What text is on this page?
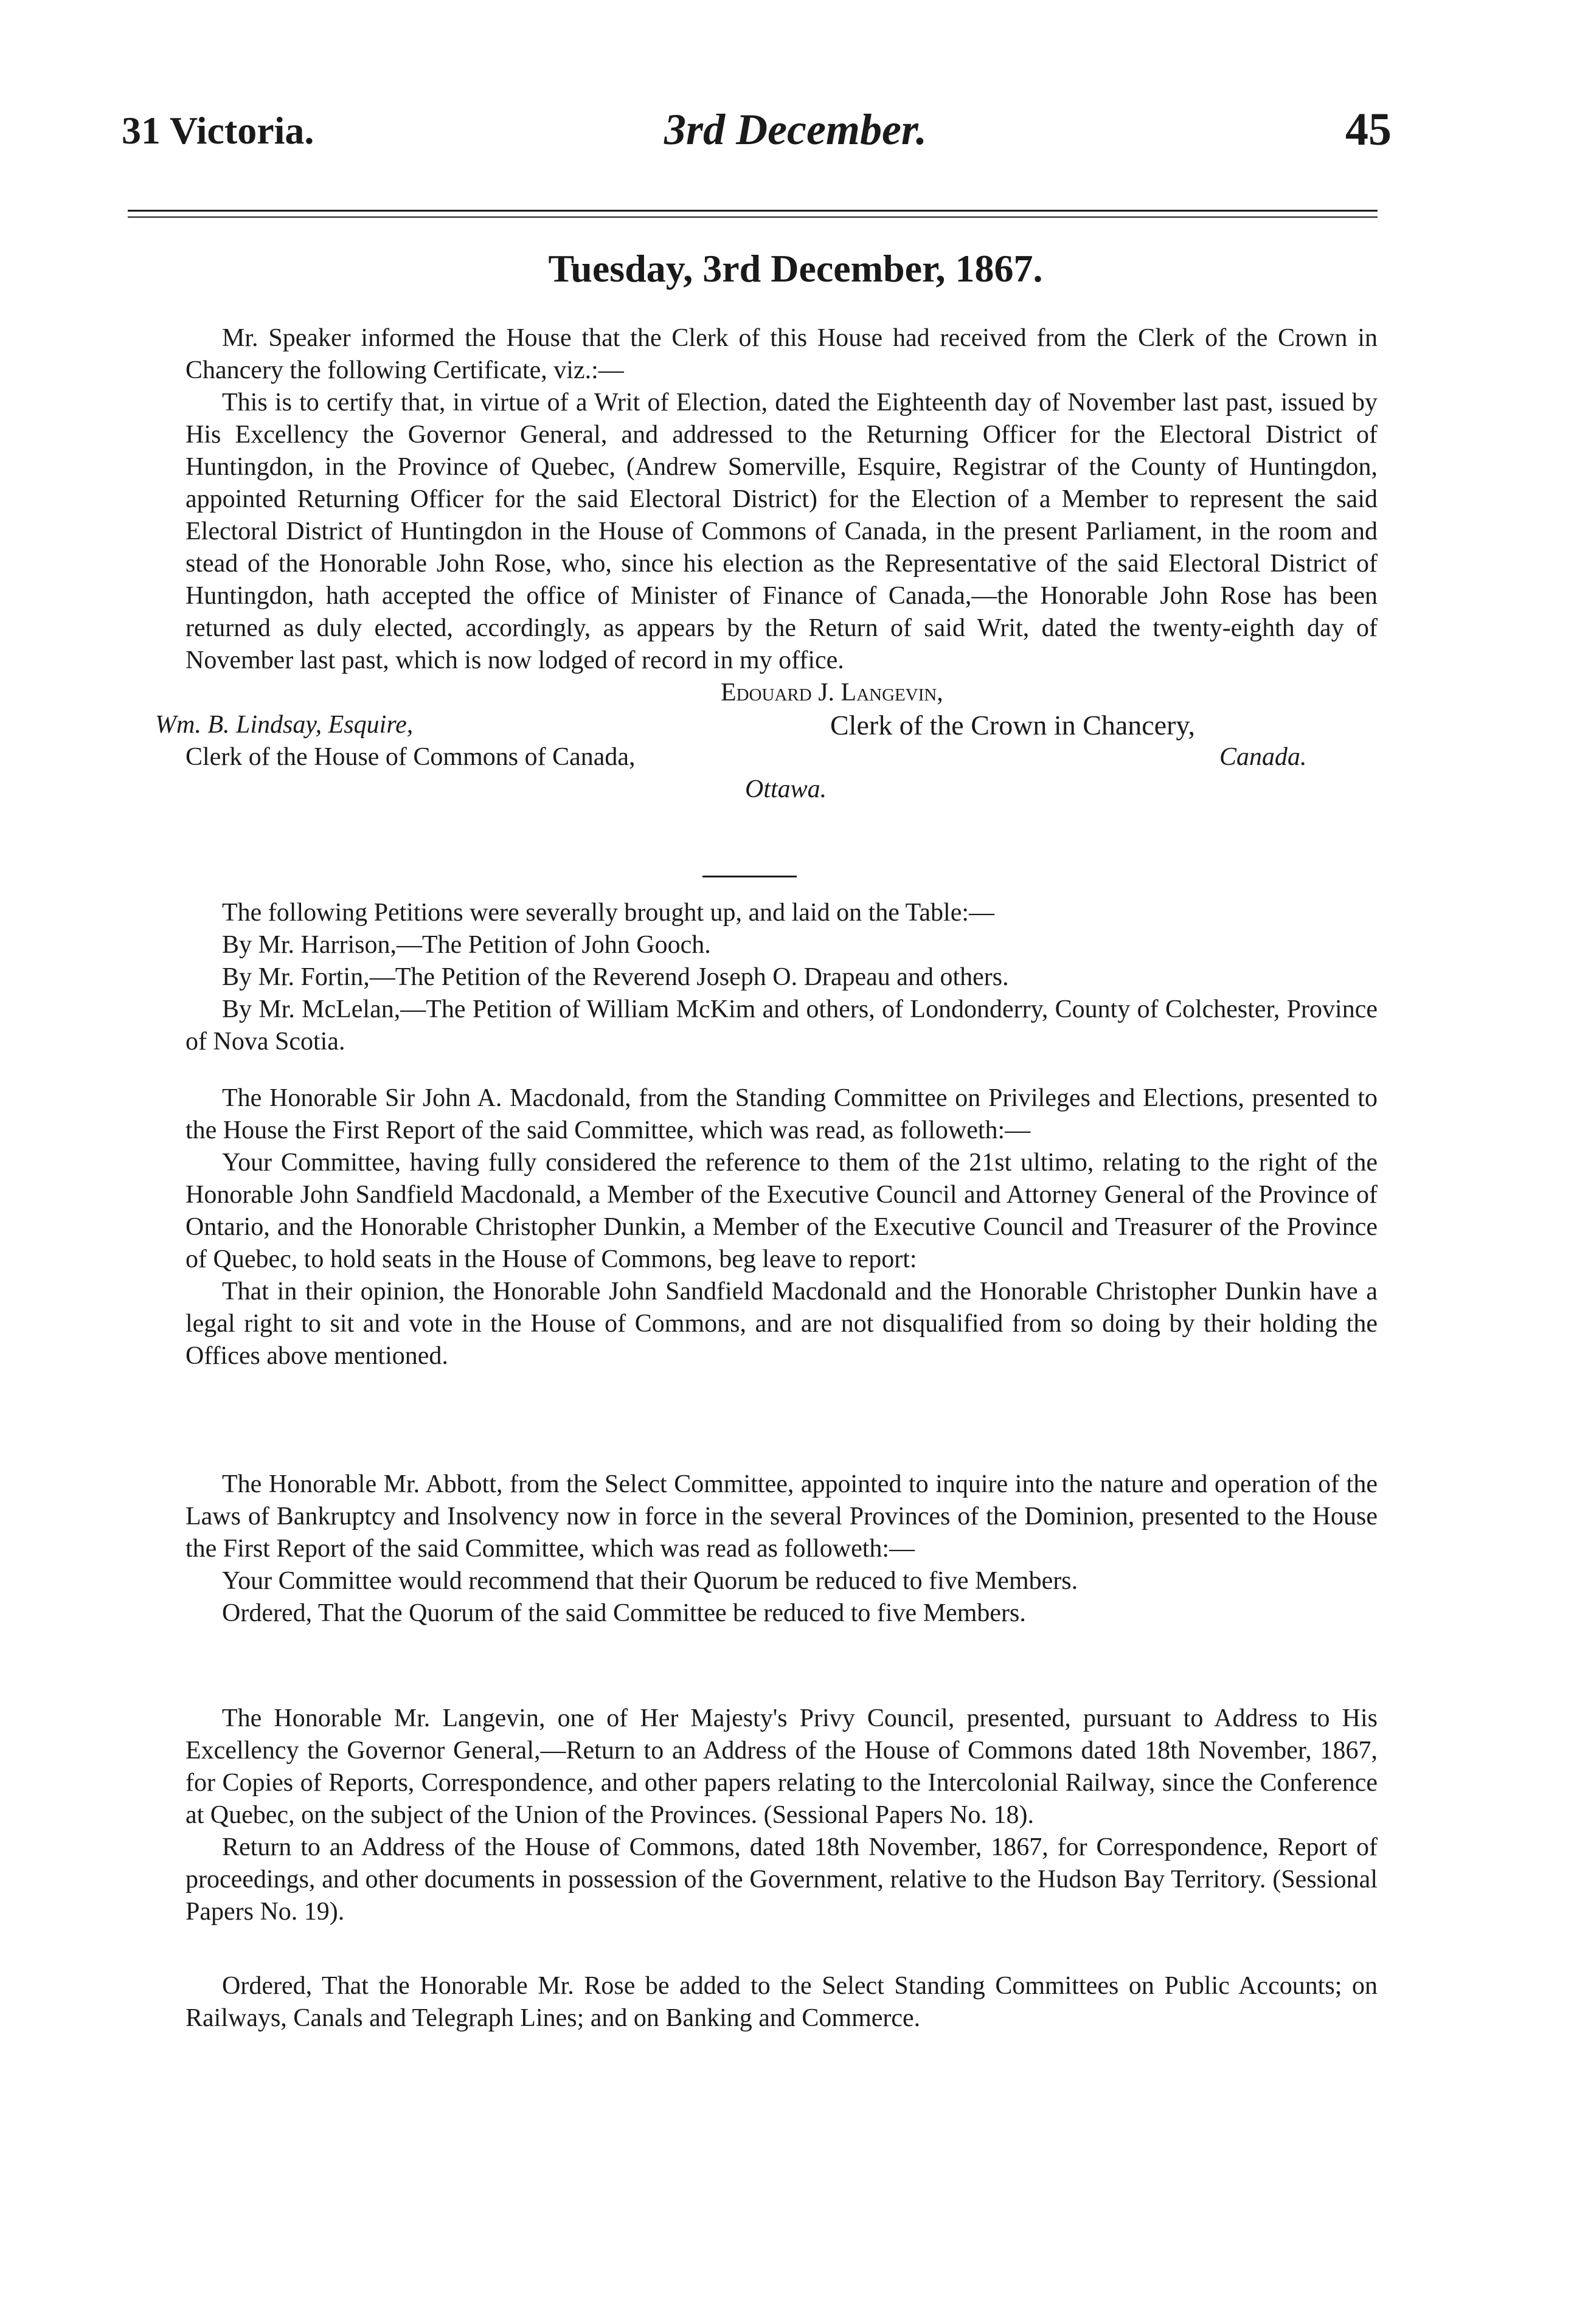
31 Victoria.	3rd December.	45
Tuesday, 3rd December, 1867.

Mr. Speaker informed the House that the Clerk of this House had received from the Clerk of the Crown in Chancery the following Certificate, viz.:—

This is to certify that, in virtue of a Writ of Election, dated the Eighteenth day of November last past, issued by His Excellency the Governor General, and addressed to the Returning Officer for the Electoral District of Huntingdon, in the Province of Quebec, (Andrew Somerville, Esquire, Registrar of the County of Huntingdon, appointed Returning Officer for the said Electoral District) for the Election of a Member to represent the said Electoral District of Huntingdon in the House of Commons of Canada, in the present Parliament, in the room and stead of the Honorable John Rose, who, since his election as the Representative of the said Electoral District of Huntingdon, hath accepted the office of Minister of Finance of Canada,—the Honorable John Rose has been returned as duly elected, accordingly, as appears by the Return of said Writ, dated the twenty-eighth day of November last past, which is now lodged of record in my office.

Edouard J. Langevin,
Wm. B. Lindsay, Esquire,	Clerk of the Crown in Chancery,
Clerk of the House of Commons of Canada,	Canada.
Ottawa.

The following Petitions were severally brought up, and laid on the Table:—

By Mr. Harrison,—The Petition of John Gooch.

By Mr. Fortin,—The Petition of the Reverend Joseph O. Drapeau and others.

By Mr. McLelan,—The Petition of William McKim and others, of Londonderry, County of Colchester, Province of Nova Scotia.

The Honorable Sir John A. Macdonald, from the Standing Committee on Privileges and Elections, presented to the House the First Report of the said Committee, which was read, as followeth:—

Your Committee, having fully considered the reference to them of the 21st ultimo, relating to the right of the Honorable John Sandfield Macdonald, a Member of the Executive Council and Attorney General of the Province of Ontario, and the Honorable Christopher Dunkin, a Member of the Executive Council and Treasurer of the Province of Quebec, to hold seats in the House of Commons, beg leave to report:

That in their opinion, the Honorable John Sandfield Macdonald and the Honorable Christopher Dunkin have a legal right to sit and vote in the House of Commons, and are not disqualified from so doing by their holding the Offices above mentioned.

The Honorable Mr. Abbott, from the Select Committee, appointed to inquire into the nature and operation of the Laws of Bankruptcy and Insolvency now in force in the several Provinces of the Dominion, presented to the House the First Report of the said Committee, which was read as followeth:—

Your Committee would recommend that their Quorum be reduced to five Members.

Ordered, That the Quorum of the said Committee be reduced to five Members.

The Honorable Mr. Langevin, one of Her Majesty's Privy Council, presented, pursuant to Address to His Excellency the Governor General,—Return to an Address of the House of Commons dated 18th November, 1867, for Copies of Reports, Correspondence, and other papers relating to the Intercolonial Railway, since the Conference at Quebec, on the subject of the Union of the Provinces. (Sessional Papers No. 18).

Return to an Address of the House of Commons, dated 18th November, 1867, for Correspondence, Report of proceedings, and other documents in possession of the Government, relative to the Hudson Bay Territory. (Sessional Papers No. 19).

Ordered, That the Honorable Mr. Rose be added to the Select Standing Committees on Public Accounts; on Railways, Canals and Telegraph Lines; and on Banking and Commerce.
